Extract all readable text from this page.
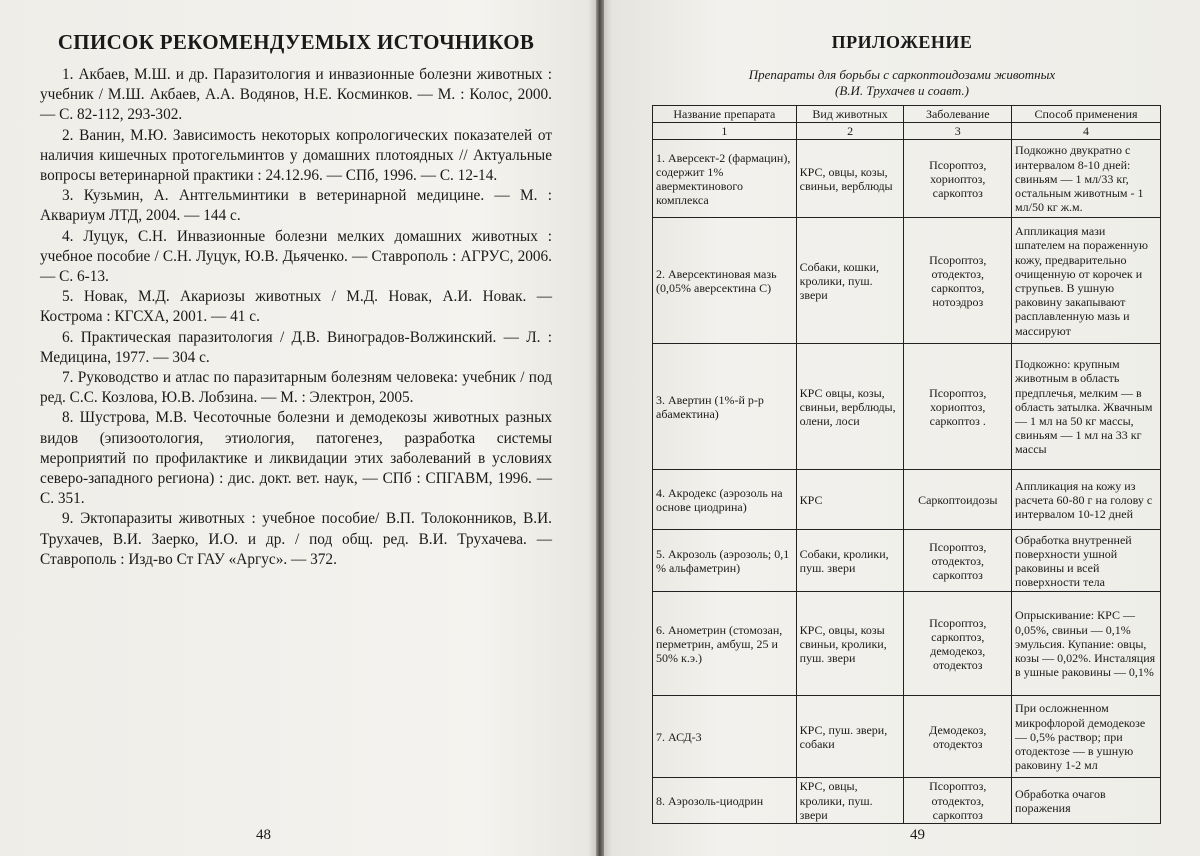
СПИСОК РЕКОМЕНДУЕМЫХ ИСТОЧНИКОВ
1. Акбаев, М.Ш. и др. Паразитология и инвазионные болезни животных : учебник / М.Ш. Акбаев, А.А. Водянов, Н.Е. Косминков. — М. : Колос, 2000. — С. 82-112, 293-302.
2. Ванин, М.Ю. Зависимость некоторых копрологических показателей от наличия кишечных протогельминтов у домашних плотоядных // Актуальные вопросы ветеринарной практики : 24.12.96. — СПб, 1996. — С. 12-14.
3. Кузьмин, А. Антгельминтики в ветеринарной медицине. — М. : Аквариум ЛТД, 2004. — 144 с.
4. Луцук, С.Н. Инвазионные болезни мелких домашних животных : учебное пособие / С.Н. Луцук, Ю.В. Дьяченко. — Ставрополь : АГРУС, 2006. — С. 6-13.
5. Новак, М.Д. Акариозы животных / М.Д. Новак, А.И. Новак. — Кострома : КГСХА, 2001. — 41 с.
6. Практическая паразитология / Д.В. Виноградов-Волжинский. — Л. : Медицина, 1977. — 304 с.
7. Руководство и атлас по паразитарным болезням человека: учебник / под ред. С.С. Козлова, Ю.В. Лобзина. — М. : Электрон, 2005.
8. Шустрова, М.В. Чесоточные болезни и демодекозы животных разных видов (эпизоотология, этиология, патогенез, разработка системы мероприятий по профилактике и ликвидации этих заболеваний в условиях северо-западного региона) : дис. докт. вет. наук, — СПб : СПГАВМ, 1996. — С. 351.
9. Эктопаразиты животных : учебное пособие/ В.П. Толоконников, В.И. Трухачев, В.И. Заерко, И.О. и др. / под общ. ред. В.И. Трухачева. — Ставрополь : Изд-во Ст ГАУ «Аргус». — 372.
48
ПРИЛОЖЕНИЕ
Препараты для борьбы с саркоптоидозами животных
(В.И. Трухачев и соавт.)
Название препарата	Вид животных	Заболевание	Способ применения
1	2	3	4
1. Аверсект-2 (фармацин), содержит 1% авермектинового комплекса	КРС, овцы, козы, свиньи, верблюды	Псороптоз, хориоптоз, саркоптоз	Подкожно двукратно с интервалом 8-10 дней: свиньям — 1 мл/33 кг, остальным животным - 1 мл/50 кг ж.м.
2. Аверсектиновая мазь (0,05% аверсектина С)	Собаки, кошки, кролики, пуш. звери	Псороптоз, отодектоз, саркоптоз, нотоэдроз	Аппликация мази шпателем на пораженную кожу, предварительно очищенную от корочек и струпьев. В ушную раковину закапывают расплавленную мазь и массируют
3. Авертин (1%-й р-р абамектина)	КРС овцы, козы, свиньи, верблюды, олени, лоси	Псороптоз, хориоптоз, саркоптоз .	Подкожно: крупным животным в область предплечья, мелким — в область затылка. Жвачным — 1 мл на 50 кг массы, свиньям — 1 мл на 33 кг массы
4. Акродекс (аэрозоль на основе циодрина)	КРС	Саркоптоидозы	Аппликация на кожу из расчета 60-80 г на голову с интервалом 10-12 дней
5. Акрозоль (аэрозоль; 0,1 % альфаметрин)	Собаки, кролики, пуш. звери	Псороптоз, отодектоз, саркоптоз	Обработка внутренней поверхности ушной раковины и всей поверхности тела
6. Анометрин (стомозан, перметрин, амбуш, 25 и 50% к.э.)	КРС, овцы, козы свиньи, кролики, пуш. звери	Псороптоз, саркоптоз, демодекоз, отодектоз	Опрыскивание: КРС — 0,05%, свиньи — 0,1% эмульсия. Купание: овцы, козы — 0,02%. Инсталяция в ушные раковины — 0,1%
7. АСД-3	КРС, пуш. звери, собаки	Демодекоз, отодектоз	При осложненном микрофлорой демодекозе — 0,5% раствор; при отодектозе — в ушную раковину 1-2 мл
8. Аэрозоль-циодрин	КРС, овцы, кролики, пуш. звери	Псороптоз, отодектоз, саркоптоз	Обработка очагов поражения
49
